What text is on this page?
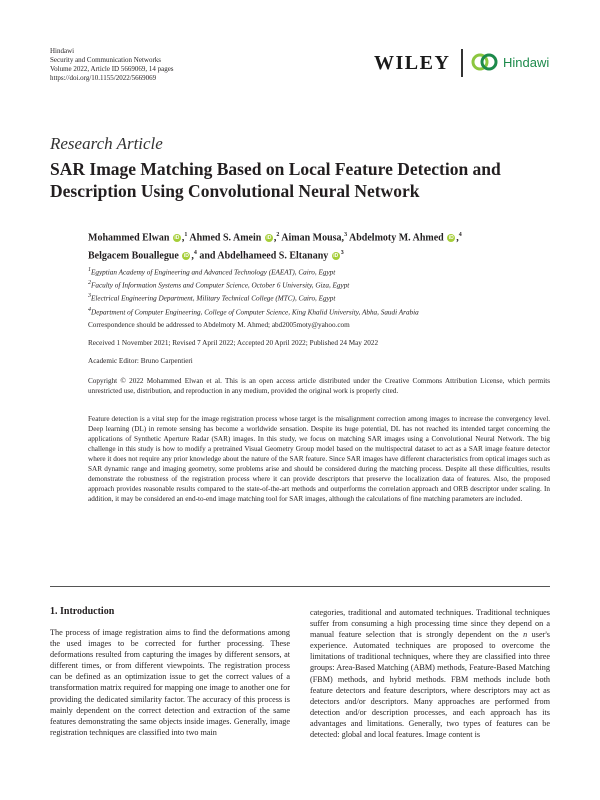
Hindawi
Security and Communication Networks
Volume 2022, Article ID 5669069, 14 pages
https://doi.org/10.1155/2022/5669069
WILEY	Hindawi
Research Article
SAR Image Matching Based on Local Feature Detection and Description Using Convolutional Neural Network
Mohammed Elwan iD ,$^1$ Ahmed S. Amein iD ,$^2$ Aiman Mousa,$^3$ Abdelmoty M. Ahmed iD ,$^4$
Belgacem Bouallegue iD ,$^4$ and Abdelhameed S. Eltanany $iD^3$
$^1$Egyptian Academy of Engineering and Advanced Technology (EAEAT), Cairo, Egypt
$^2$Faculty of Information Systems and Computer Science, October 6 University, Giza, Egypt
$^3$Electrical Engineering Department, Military Technical College (MTC), Cairo, Egypt
$^4$Department of Computer Engineering, College of Computer Science, King Khalid University, Abha, Saudi Arabia
Correspondence should be addressed to Abdelmoty M. Ahmed; abd2005moty@yahoo.com
Received 1 November 2021; Revised 7 April 2022; Accepted 20 April 2022; Published 24 May 2022
Academic Editor: Bruno Carpentieri
Copyright © 2022 Mohammed Elwan et al. This is an open access article distributed under the Creative Commons Attribution License, which permits unrestricted use, distribution, and reproduction in any medium, provided the original work is properly cited.
Feature detection is a vital step for the image registration process whose target is the misalignment correction among images to increase the convergency level. Deep learning (DL) in remote sensing has become a worldwide sensation. Despite its huge potential, DL has not reached its intended target concerning the applications of Synthetic Aperture Radar (SAR) images. In this study, we focus on matching SAR images using a Convolutional Neural Network. The big challenge in this study is how to modify a pretrained Visual Geometry Group model based on the multispectral dataset to act as a SAR image feature detector where it does not require any prior knowledge about the nature of the SAR feature. Since SAR images have different characteristics from optical images such as SAR dynamic range and imaging geometry, some problems arise and should be considered during the matching process. Despite all these difficulties, results demonstrate the robustness of the registration process where it can provide descriptors that preserve the localization data of features. Also, the proposed approach provides reasonable results compared to the state-of-the-art methods and outperforms the correlation approach and ORB descriptor under scaling. In addition, it may be considered an end-to-end image matching tool for SAR images, although the calculations of fine matching parameters are included.
1. Introduction
The process of image registration aims to find the deformations among the used images to be corrected for further processing. These deformations resulted from capturing the images by different sensors, at different times, or from different viewpoints. The registration process can be defined as an optimization issue to get the correct values of a transformation matrix required for mapping one image to another one for providing the dedicated similarity factor. The accuracy of this process is mainly dependent on the correct detection and extraction of the same features demonstrating the same objects inside images. Generally, image registration techniques are classified into two main
categories, traditional and automated techniques. Traditional techniques suffer from consuming a high processing time since they depend on a manual feature selection that is strongly dependent on the n user's experience. Automated techniques are proposed to overcome the limitations of traditional techniques, where they are classified into three groups: Area-Based Matching (ABM) methods, Feature-Based Matching (FBM) methods, and hybrid methods. FBM methods include both feature detectors and feature descriptors, where descriptors may act as detectors and/or descriptors. Many approaches are performed from detection and/or description processes, and each approach has its advantages and limitations. Generally, two types of features can be detected: global and local features. Image content is
